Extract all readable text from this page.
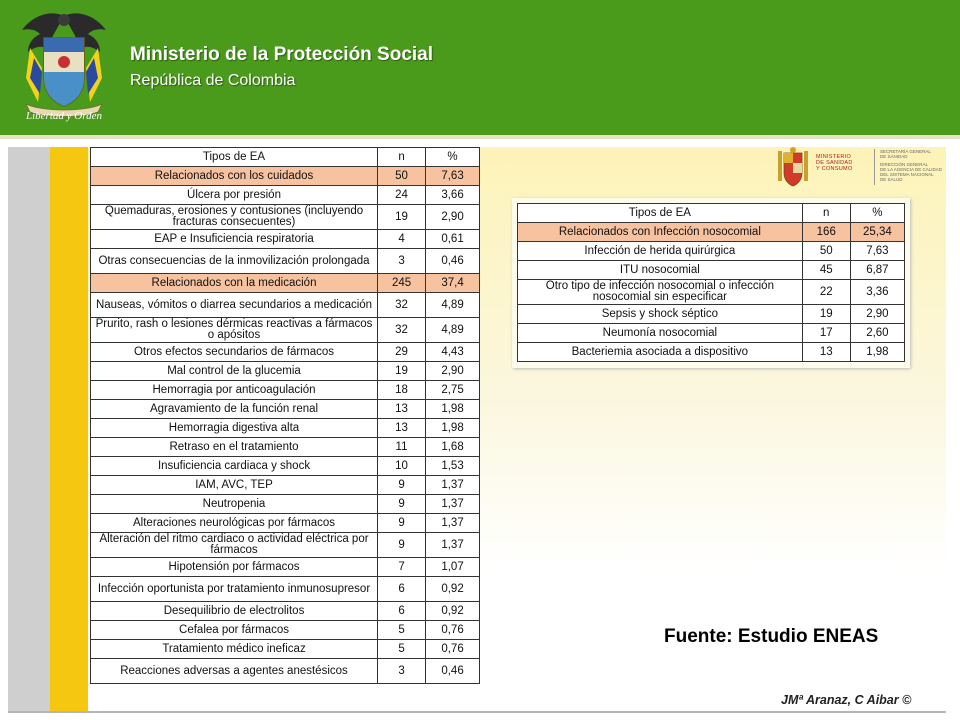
Libertad y Orden
Ministerio de la Protección Social
República de Colombia
Tipos de EA	n	%
Relacionados con los cuidados	50	7,63
Úlcera por presión	24	3,66
Quemaduras, erosiones y contusiones (incluyendo fracturas consecuentes)	19	2,90
EAP e Insuficiencia respiratoria	4	0,61
Otras consecuencias de la inmovilización prolongada	3	0,46
Relacionados con la medicación	245	37,4
Nauseas, vómitos o diarrea secundarios a medicación	32	4,89
Prurito, rash o lesiones dérmicas reactivas a fármacos o apósitos	32	4,89
Otros efectos secundarios de fármacos	29	4,43
Mal control de la glucemia	19	2,90
Hemorragia por anticoagulación	18	2,75
Agravamiento de la función renal	13	1,98
Hemorragia digestiva alta	13	1,98
Retraso en el tratamiento	11	1,68
Insuficiencia cardiaca y shock	10	1,53
IAM, AVC, TEP	9	1,37
Neutropenia	9	1,37
Alteraciones neurológicas por fármacos	9	1,37
Alteración del ritmo cardiaco o actividad eléctrica por fármacos	9	1,37
Hipotensión por fármacos	7	1,07
Infección oportunista por tratamiento inmunosupresor	6	0,92
Desequilibrio de electrolitos	6	0,92
Cefalea por fármacos	5	0,76
Tratamiento médico ineficaz	5	0,76
Reacciones adversas a agentes anestésicos	3	0,46
Tipos de EA	n	%
Relacionados con Infección nosocomial	166	25,34
Infección de herida quirúrgica	50	7,63
ITU nosocomial	45	6,87
Otro tipo de infección nosocomial o infección nosocomial sin especificar	22	3,36
Sepsis y shock séptico	19	2,90
Neumonía nosocomial	17	2,60
Bacteriemia asociada a dispositivo	13	1,98
MINISTERIO
DE SANIDAD
Y CONSUMO
SECRETARÍA GENERAL
DE SANIDAD
DIRECCIÓN GENERAL
DE LA AGENCIA DE CALIDAD
DEL SISTEMA NACIONAL
DE SALUD
Fuente: Estudio ENEAS
JMª Aranaz, C Aibar ©
